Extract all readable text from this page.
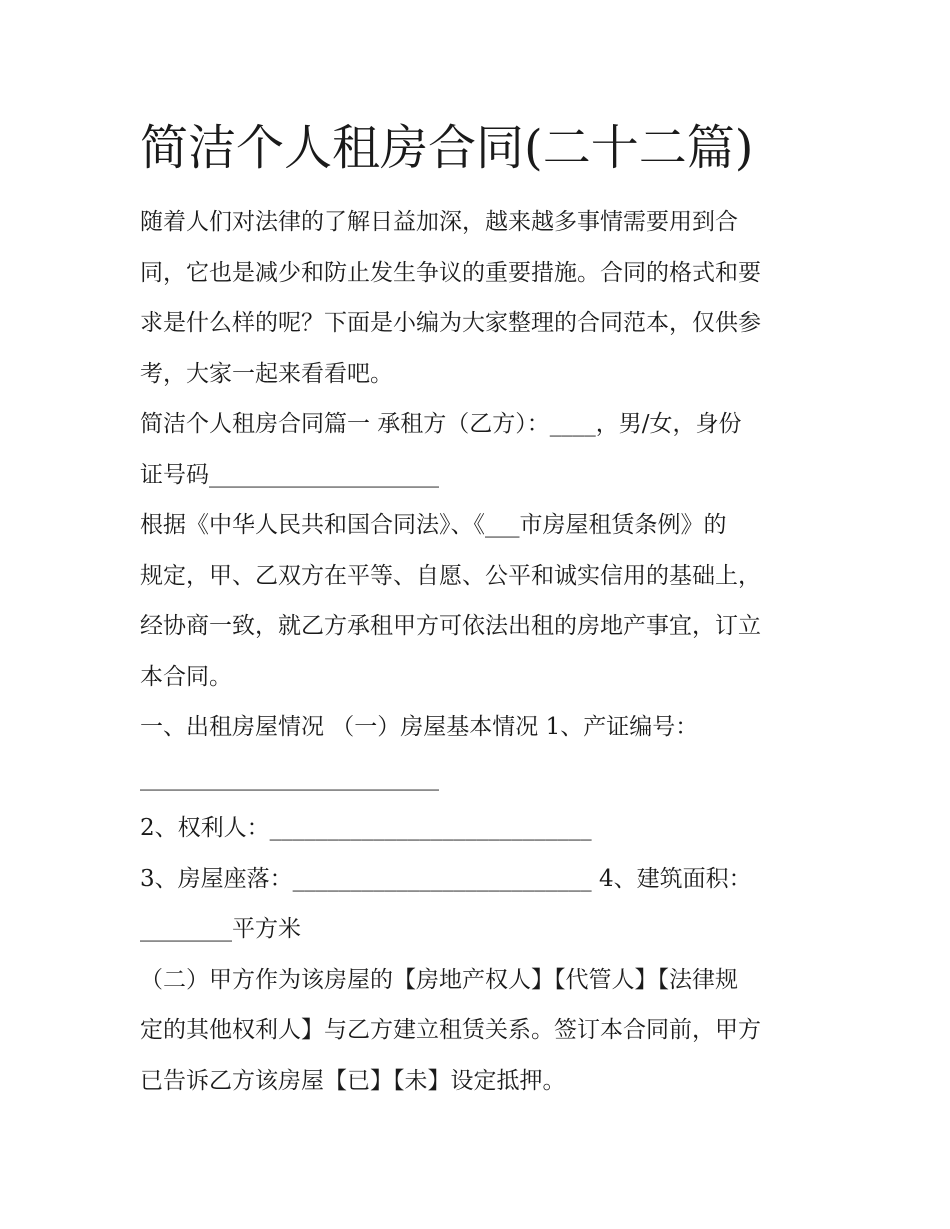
简洁个人租房合同(二十二篇)
随着人们对法律的了解日益加深，越来越多事情需要用到合
同，它也是减少和防止发生争议的重要措施。合同的格式和要
求是什么样的呢？下面是小编为大家整理的合同范本，仅供参
考，大家一起来看看吧。
简洁个人租房合同篇一 承租方（乙方）：____，男/女，身份
证号码____________________
根据《中华人民共和国合同法》、《___市房屋租赁条例》的
规定，甲、乙双方在平等、自愿、公平和诚实信用的基础上，
经协商一致，就乙方承租甲方可依法出租的房地产事宜，订立
本合同。
一、出租房屋情况 （一）房屋基本情况 1、产证编号：
__________________________
2、权利人：____________________________
3、房屋座落：__________________________ 4、建筑面积：
________平方米
（二）甲方作为该房屋的【房地产权人】【代管人】【法律规
定的其他权利人】与乙方建立租赁关系。签订本合同前，甲方
已告诉乙方该房屋【已】【未】设定抵押。
